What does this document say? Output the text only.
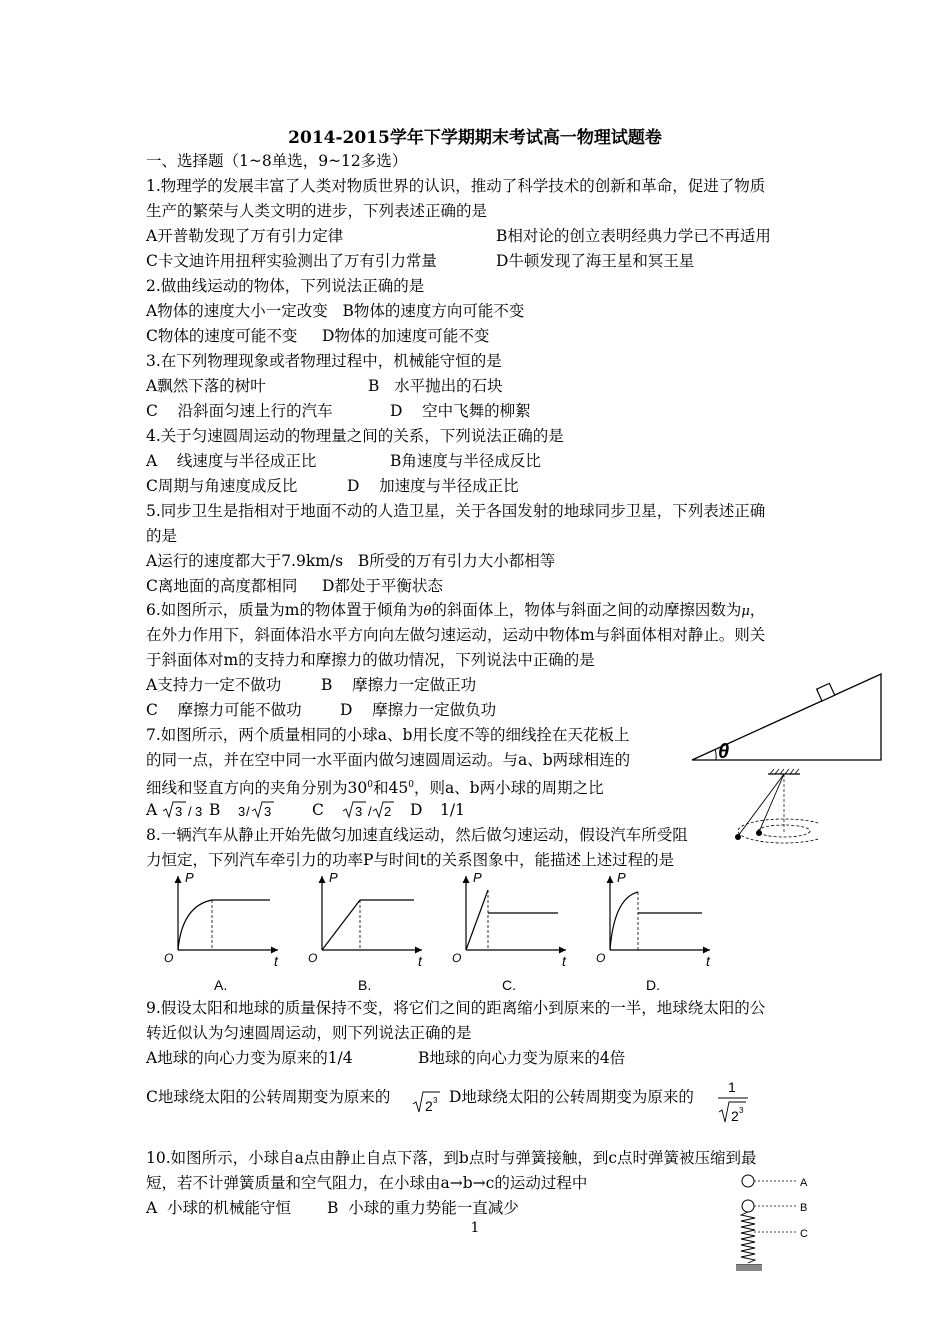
2014-2015学年下学期期末考试高一物理试题卷
一、选择题（1~8单选，9~12多选）
1.物理学的发展丰富了人类对物质世界的认识，推动了科学技术的创新和革命，促进了物质
生产的繁荣与人类文明的进步，下列表述正确的是
A开普勒发现了万有引力定律	B相对论的创立表明经典力学已不再适用
C卡文迪许用扭秤实验测出了万有引力常量	D牛顿发现了海王星和冥王星
2.做曲线运动的物体，下列说法正确的是
A物体的速度大小一定改变   B物体的速度方向可能不变
C物体的速度可能不变     D物体的加速度可能不变
3.在下列物理现象或者物理过程中，机械能守恒的是
A飘然下落的树叶	B   水平抛出的石块
C    沿斜面匀速上行的汽车	D    空中飞舞的柳絮
4.关于匀速圆周运动的物理量之间的关系，下列说法正确的是
A    线速度与半径成正比	B角速度与半径成反比
C周期与角速度成反比	D    加速度与半径成正比
5.同步卫生是指相对于地面不动的人造卫星，关于各国发射的地球同步卫星，下列表述正确
的是
A运行的速度都大于7.9km/s   B所受的万有引力大小都相等
C离地面的高度都相同     D都处于平衡状态
6.如图所示，质量为m的物体置于倾角为θ的斜面体上，物体与斜面之间的动摩擦因数为μ，
在外力作用下，斜面体沿水平方向向左做匀速运动，运动中物体m与斜面体相对静止。则关
于斜面体对m的支持力和摩擦力的做功情况，下列说法中正确的是
A支持力一定不做功	B    摩擦力一定做正功
C    摩擦力可能不做功 D    摩擦力一定做负功
θ
7.如图所示，两个质量相同的小球a、b用长度不等的细线拴在天花板上
的同一点，并在空中同一水平面内做匀速圆周运动。与a、b两球相连的
细线和竖直方向的夹角分别为$30^0$和$45^0$，则a、b两小球的周期之比
A 3 / 3 B 3 / 3	C 3 / 2 D 1/1
8.一辆汽车从静止开始先做匀加速直线运动，然后做匀速运动，假设汽车所受阻
力恒定，下列汽车牵引力的功率P与时间t的关系图象中，能描述上述过程的是
P
O	t
A.
P
O	t
B.
P
O	t
C.
P
O	t
D.
9.假设太阳和地球的质量保持不变，将它们之间的距离缩小到原来的一半，地球绕太阳的公
转近似认为匀速圆周运动，则下列说法正确的是
A地球的向心力变为原来的1/4	B地球的向心力变为原来的4倍
C地球绕太阳的公转周期变为原来的 2 3 D地球绕太阳的公转周期变为原来的
1
2 3
10.如图所示，小球自a点由静止自点下落，到b点时与弹簧接触，到c点时弹簧被压缩到最
短，若不计弹簧质量和空气阻力，在小球由a→b→c的运动过程中
A  小球的机械能守恒 B  小球的重力势能一直减少
A
B
C
1
